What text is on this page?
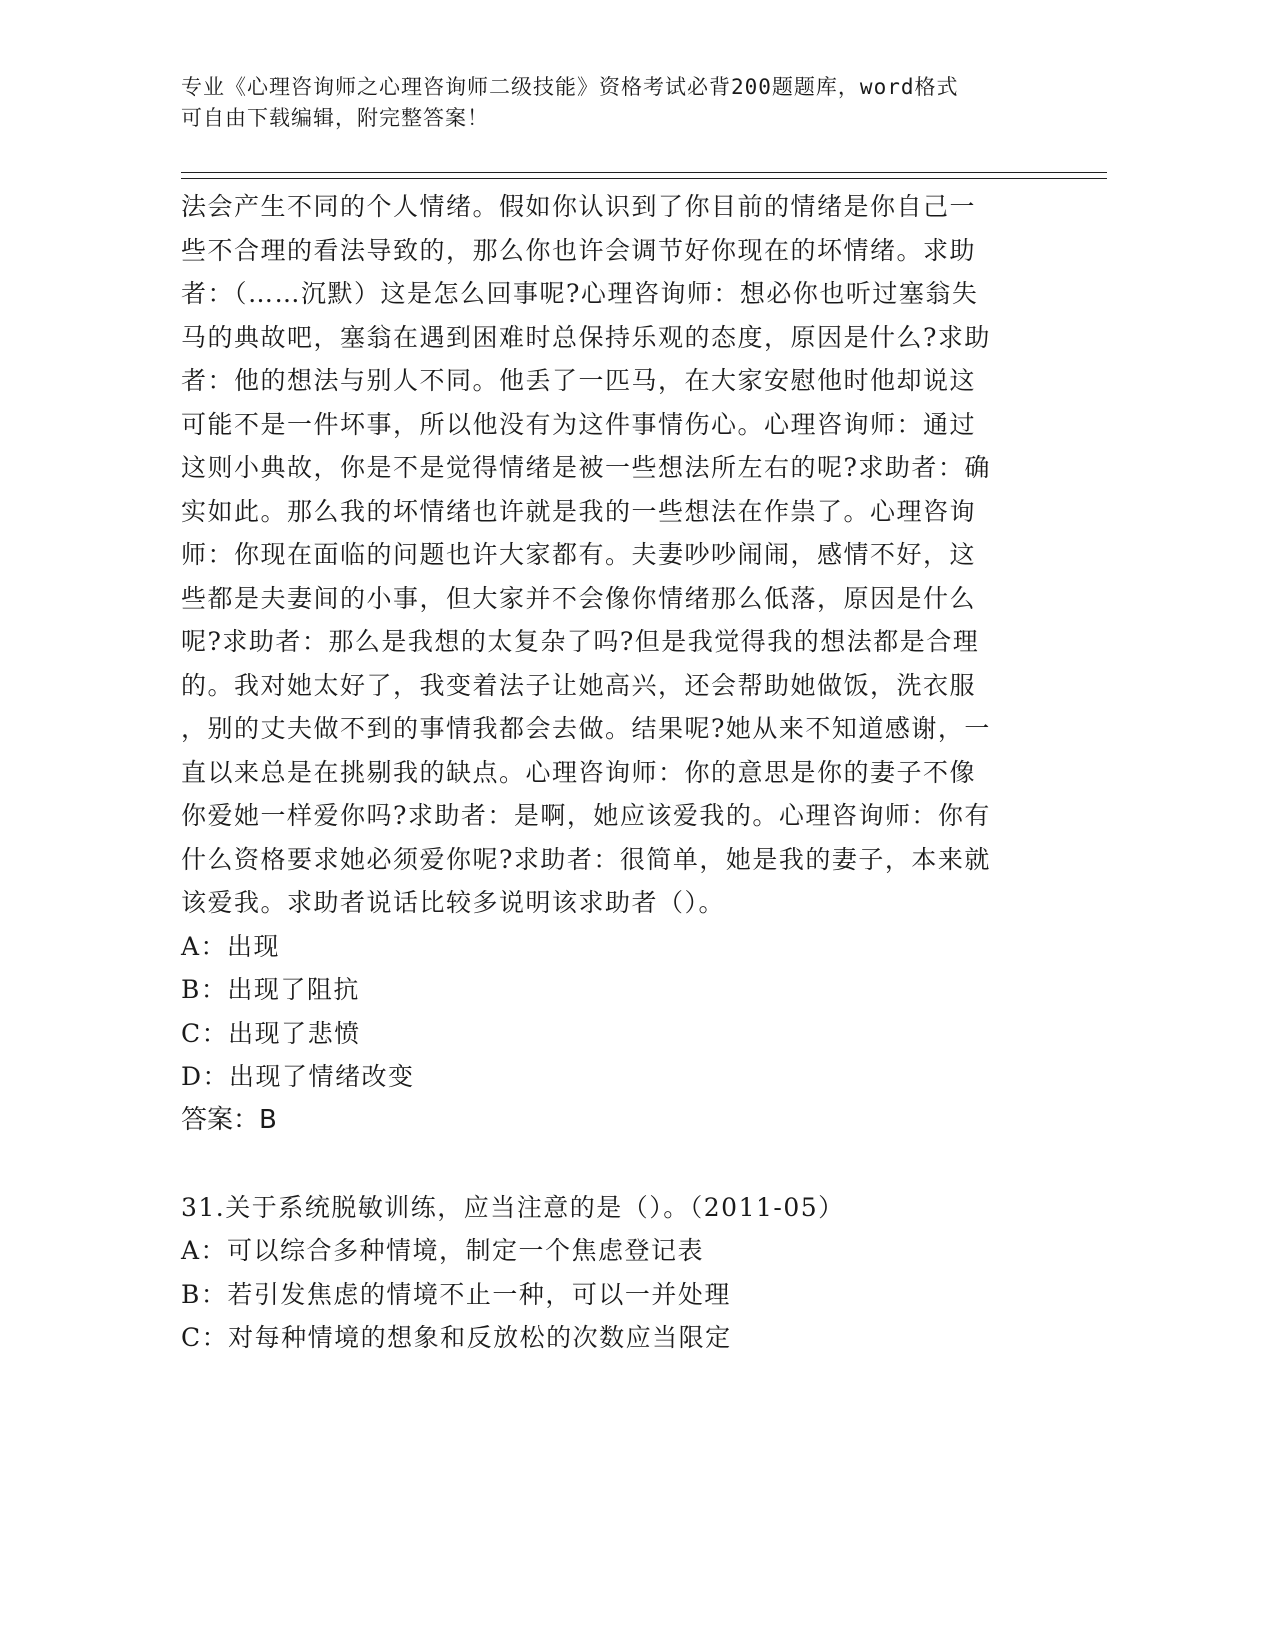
专业《心理咨询师之心理咨询师二级技能》资格考试必背200题题库，word格式
可自由下载编辑，附完整答案！
法会产生不同的个人情绪。假如你认识到了你目前的情绪是你自己一
些不合理的看法导致的，那么你也许会调节好你现在的坏情绪。求助
者：（……沉默）这是怎么回事呢?心理咨询师：想必你也听过塞翁失
马的典故吧，塞翁在遇到困难时总保持乐观的态度，原因是什么?求助
者：他的想法与别人不同。他丢了一匹马，在大家安慰他时他却说这
可能不是一件坏事，所以他没有为这件事情伤心。心理咨询师：通过
这则小典故，你是不是觉得情绪是被一些想法所左右的呢?求助者：确
实如此。那么我的坏情绪也许就是我的一些想法在作祟了。心理咨询
师：你现在面临的问题也许大家都有。夫妻吵吵闹闹，感情不好，这
些都是夫妻间的小事，但大家并不会像你情绪那么低落，原因是什么
呢?求助者：那么是我想的太复杂了吗?但是我觉得我的想法都是合理
的。我对她太好了，我变着法子让她高兴，还会帮助她做饭，洗衣服
，别的丈夫做不到的事情我都会去做。结果呢?她从来不知道感谢，一
直以来总是在挑剔我的缺点。心理咨询师：你的意思是你的妻子不像
你爱她一样爱你吗?求助者：是啊，她应该爱我的。心理咨询师：你有
什么资格要求她必须爱你呢?求助者：很简单，她是我的妻子，本来就
该爱我。求助者说话比较多说明该求助者（）。
A：出现
B：出现了阻抗
C：出现了悲愤
D：出现了情绪改变
答案：B
31.关于系统脱敏训练，应当注意的是（）。（2011-05）
A：可以综合多种情境，制定一个焦虑登记表
B：若引发焦虑的情境不止一种，可以一并处理
C：对每种情境的想象和反放松的次数应当限定
